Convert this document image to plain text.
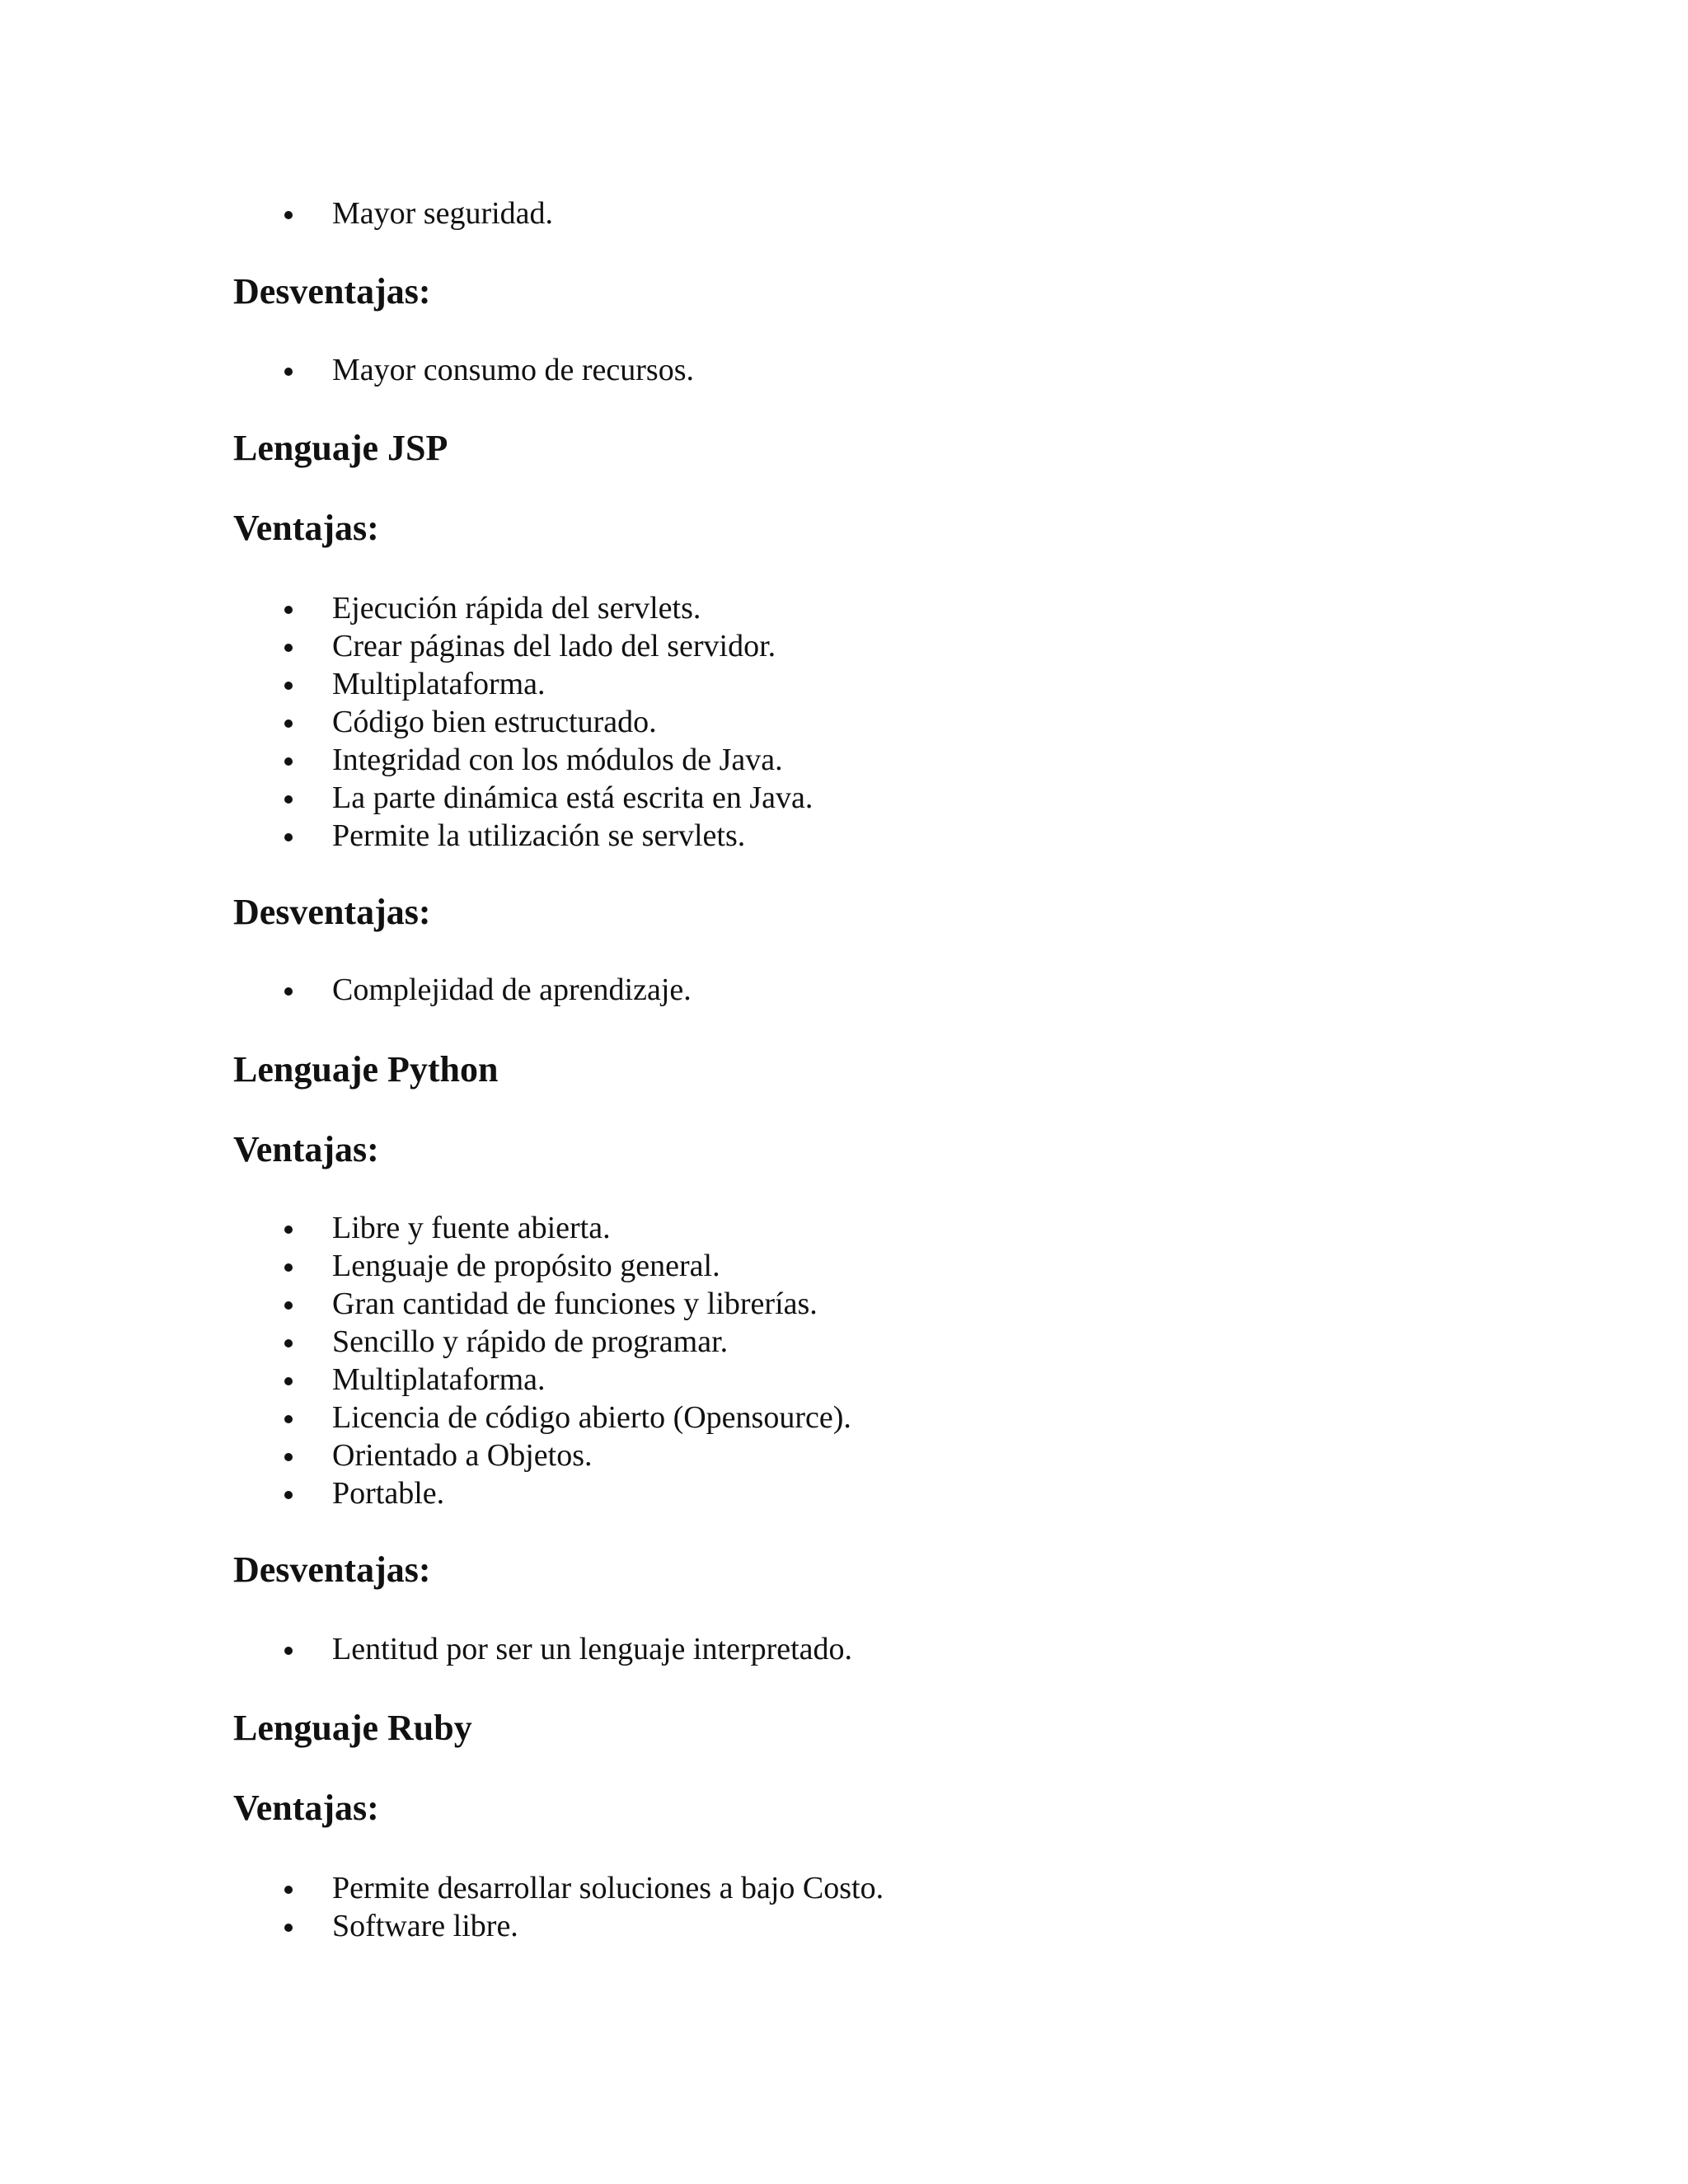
Mayor seguridad.
Desventajas:
Mayor consumo de recursos.
Lenguaje JSP
Ventajas:
Ejecución rápida del servlets.
Crear páginas del lado del servidor.
Multiplataforma.
Código bien estructurado.
Integridad con los módulos de Java.
La parte dinámica está escrita en Java.
Permite la utilización se servlets.
Desventajas:
Complejidad de aprendizaje.
Lenguaje Python
Ventajas:
Libre y fuente abierta.
Lenguaje de propósito general.
Gran cantidad de funciones y librerías.
Sencillo y rápido de programar.
Multiplataforma.
Licencia de código abierto (Opensource).
Orientado a Objetos.
Portable.
Desventajas:
Lentitud por ser un lenguaje interpretado.
Lenguaje Ruby
Ventajas:
Permite desarrollar soluciones a bajo Costo.
Software libre.
